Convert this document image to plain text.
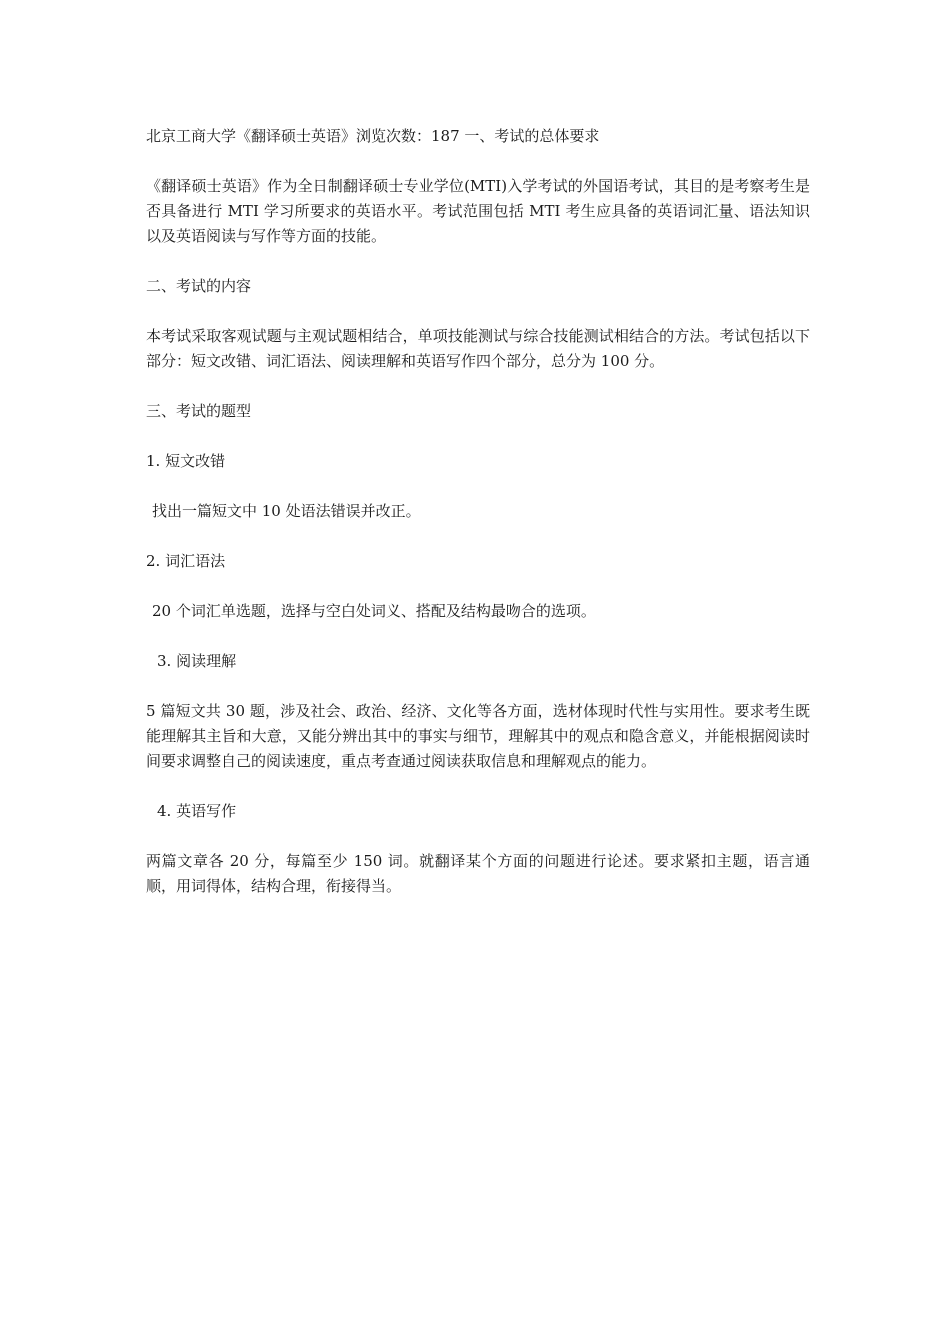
北京工商大学《翻译硕士英语》浏览次数：187 一、考试的总体要求

《翻译硕士英语》作为全日制翻译硕士专业学位(MTI)入学考试的外国语考试，其目的是考察考生是否具备进行 MTI 学习所要求的英语水平。考试范围包括 MTI 考生应具备的英语词汇量、语法知识以及英语阅读与写作等方面的技能。

二、考试的内容

本考试采取客观试题与主观试题相结合，单项技能测试与综合技能测试相结合的方法。考试包括以下部分：短文改错、词汇语法、阅读理解和英语写作四个部分，总分为 100 分。

三、考试的题型

1. 短文改错

找出一篇短文中 10 处语法错误并改正。

2. 词汇语法

20 个词汇单选题，选择与空白处词义、搭配及结构最吻合的选项。

3. 阅读理解

5 篇短文共 30 题，涉及社会、政治、经济、文化等各方面，选材体现时代性与实用性。要求考生既能理解其主旨和大意，又能分辨出其中的事实与细节，理解其中的观点和隐含意义，并能根据阅读时间要求调整自己的阅读速度，重点考查通过阅读获取信息和理解观点的能力。

4. 英语写作

两篇文章各 20 分，每篇至少 150 词。就翻译某个方面的问题进行论述。要求紧扣主题，语言通顺，用词得体，结构合理，衔接得当。
